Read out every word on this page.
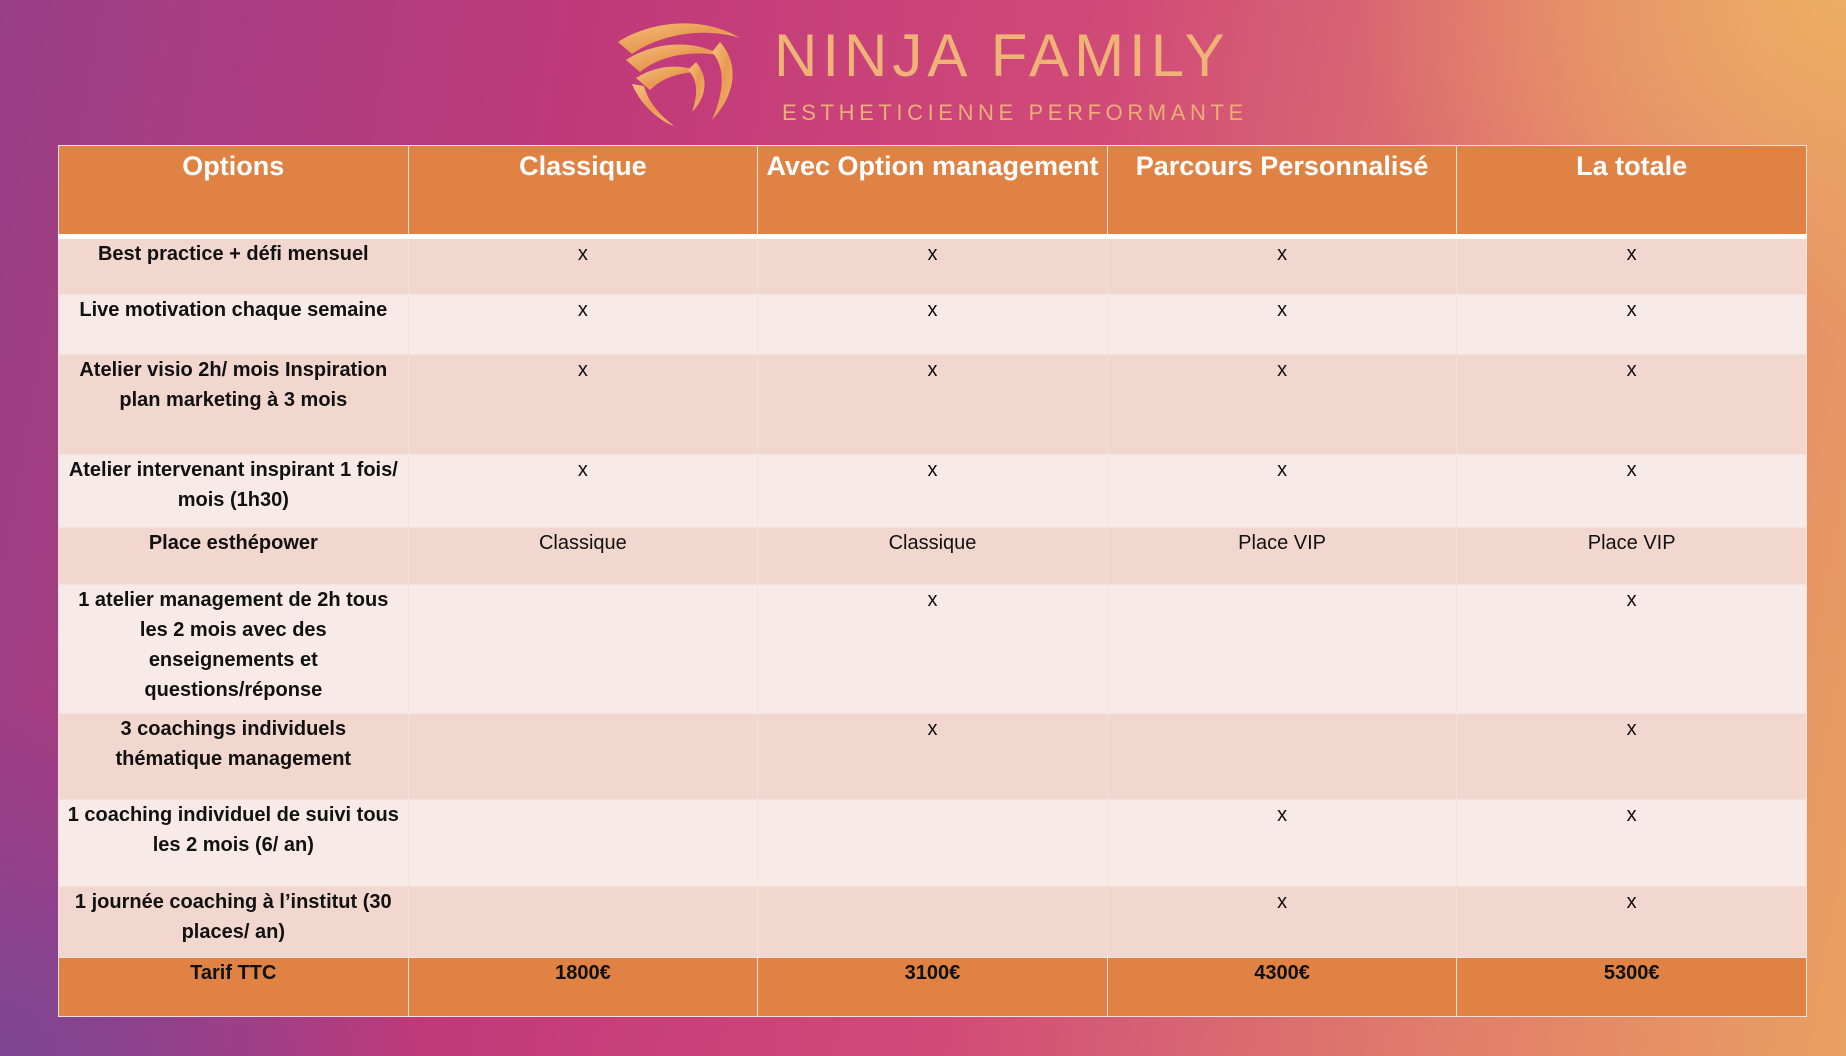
NINJA FAMILY
ESTHETICIENNE PERFORMANTE
Options	Classique	Avec Option management	Parcours Personnalisé	La totale
Best practice + défi mensuel	x	x	x	x
Live motivation chaque semaine	x	x	x	x
Atelier visio 2h/ mois Inspiration plan marketing à 3 mois	x	x	x	x
Atelier intervenant inspirant 1 fois/ mois (1h30)	x	x	x	x
Place esthépower	Classique	Classique	Place VIP	Place VIP
1 atelier management de 2h tous les 2 mois avec des enseignements et questions/réponse		x		x
3 coachings individuels thématique management		x		x
1 coaching individuel de suivi tous les 2 mois (6/ an)			x	x
1 journée coaching à l’institut (30 places/ an)			x	x
Tarif TTC	1800€	3100€	4300€	5300€
